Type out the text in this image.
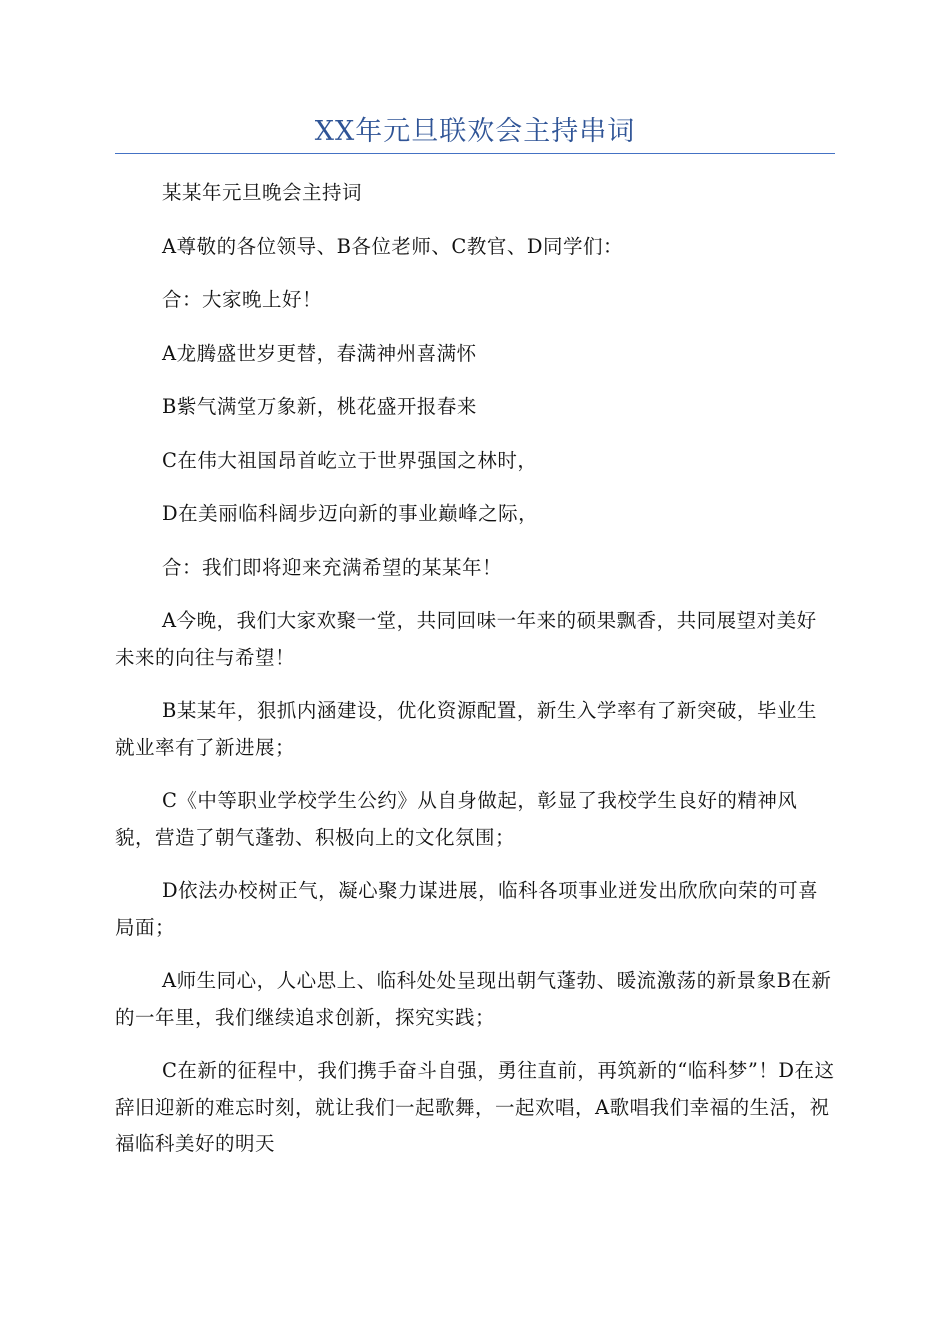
XX年元旦联欢会主持串词

某某年元旦晚会主持词

A尊敬的各位领导、B各位老师、C教官、D同学们：

合：大家晚上好！

A龙腾盛世岁更替，春满神州喜满怀

B紫气满堂万象新，桃花盛开报春来

C在伟大祖国昂首屹立于世界强国之林时，

D在美丽临科阔步迈向新的事业巅峰之际，

合：我们即将迎来充满希望的某某年！

A今晚，我们大家欢聚一堂，共同回味一年来的硕果飘香，共同展望对美好未来的向往与希望！

B某某年，狠抓内涵建设，优化资源配置，新生入学率有了新突破，毕业生就业率有了新进展；

C《中等职业学校学生公约》从自身做起，彰显了我校学生良好的精神风貌，营造了朝气蓬勃、积极向上的文化氛围；

D依法办校树正气，凝心聚力谋进展，临科各项事业迸发出欣欣向荣的可喜局面；

A师生同心，人心思上、临科处处呈现出朝气蓬勃、暖流激荡的新景象B在新的一年里，我们继续追求创新，探究实践；

C在新的征程中，我们携手奋斗自强，勇往直前，再筑新的“临科梦”！D在这辞旧迎新的难忘时刻，就让我们一起歌舞，一起欢唱，A歌唱我们幸福的生活，祝福临科美好的明天
